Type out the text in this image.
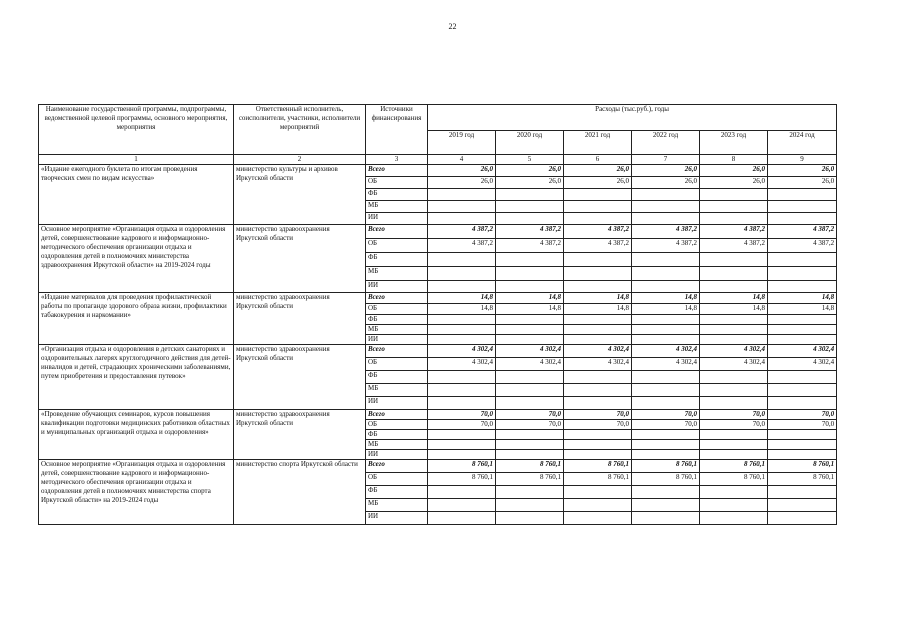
22
Наименование государственной программы, подпрограммы, ведомственной целевой программы, основного мероприятия, мероприятия	Ответственный исполнитель, соисполнители, участники, исполнители мероприятий	Источники финансирования	Расходы (тыс.руб.), годы					
			2019 год	2020 год	2021 год	2022 год	2023 год	2024 год
1	2	3	4	5	6	7	8	9
«Издание ежегодного буклета по итогам проведения творческих смен по видам искусства»	министерство культуры и архивов Иркутской области	Всего	26,0	26,0	26,0	26,0	26,0	26,0
		ОБ	26,0	26,0	26,0	26,0	26,0	26,0
		ФБ						
		МБ						
		ИИ						
Основное мероприятие «Организация отдыха и оздоровления детей, совершенствование кадрового и информационно-методического обеспечения организации отдыха и оздоровления детей в полномочиях министерства здравоохранения Иркутской области» на 2019-2024 годы	министерство здравоохранения Иркутской области	Всего	4 387,2	4 387,2	4 387,2	4 387,2	4 387,2	4 387,2
		ОБ	4 387,2	4 387,2	4 387,2	4 387,2	4 387,2	4 387,2
		ФБ						
		МБ						
		ИИ						
«Издание материалов для проведения профилактической работы по пропаганде здорового образа жизни, профилактики табакокурения и наркомании»	министерство здравоохранения Иркутской области	Всего	14,8	14,8	14,8	14,8	14,8	14,8
		ОБ	14,8	14,8	14,8	14,8	14,8	14,8
		ФБ						
		МБ						
		ИИ						
«Организация отдыха и оздоровления в детских санаториях и оздоровительных лагерях круглогодичного действия для детей-инвалидов и детей, страдающих хроническими заболеваниями, путем приобретения и предоставления путевок»	министерство здравоохранения Иркутской области	Всего	4 302,4	4 302,4	4 302,4	4 302,4	4 302,4	4 302,4
		ОБ	4 302,4	4 302,4	4 302,4	4 302,4	4 302,4	4 302,4
		ФБ						
		МБ						
		ИИ						
«Проведение обучающих семинаров, курсов повышения квалификации подготовки медицинских работников областных и муниципальных организаций отдыха и оздоровления»	министерство здравоохранения Иркутской области	Всего	70,0	70,0	70,0	70,0	70,0	70,0
		ОБ	70,0	70,0	70,0	70,0	70,0	70,0
		ФБ						
		МБ						
		ИИ						
Основное мероприятие «Организация отдыха и оздоровления детей, совершенствование кадрового и информационно-методического обеспечения организации отдыха и оздоровления детей в полномочиях министерства спорта Иркутской области» на 2019-2024 годы	министерство спорта Иркутской области	Всего	8 760,1	8 760,1	8 760,1	8 760,1	8 760,1	8 760,1
		ОБ	8 760,1	8 760,1	8 760,1	8 760,1	8 760,1	8 760,1
		ФБ						
		МБ						
		ИИ						
